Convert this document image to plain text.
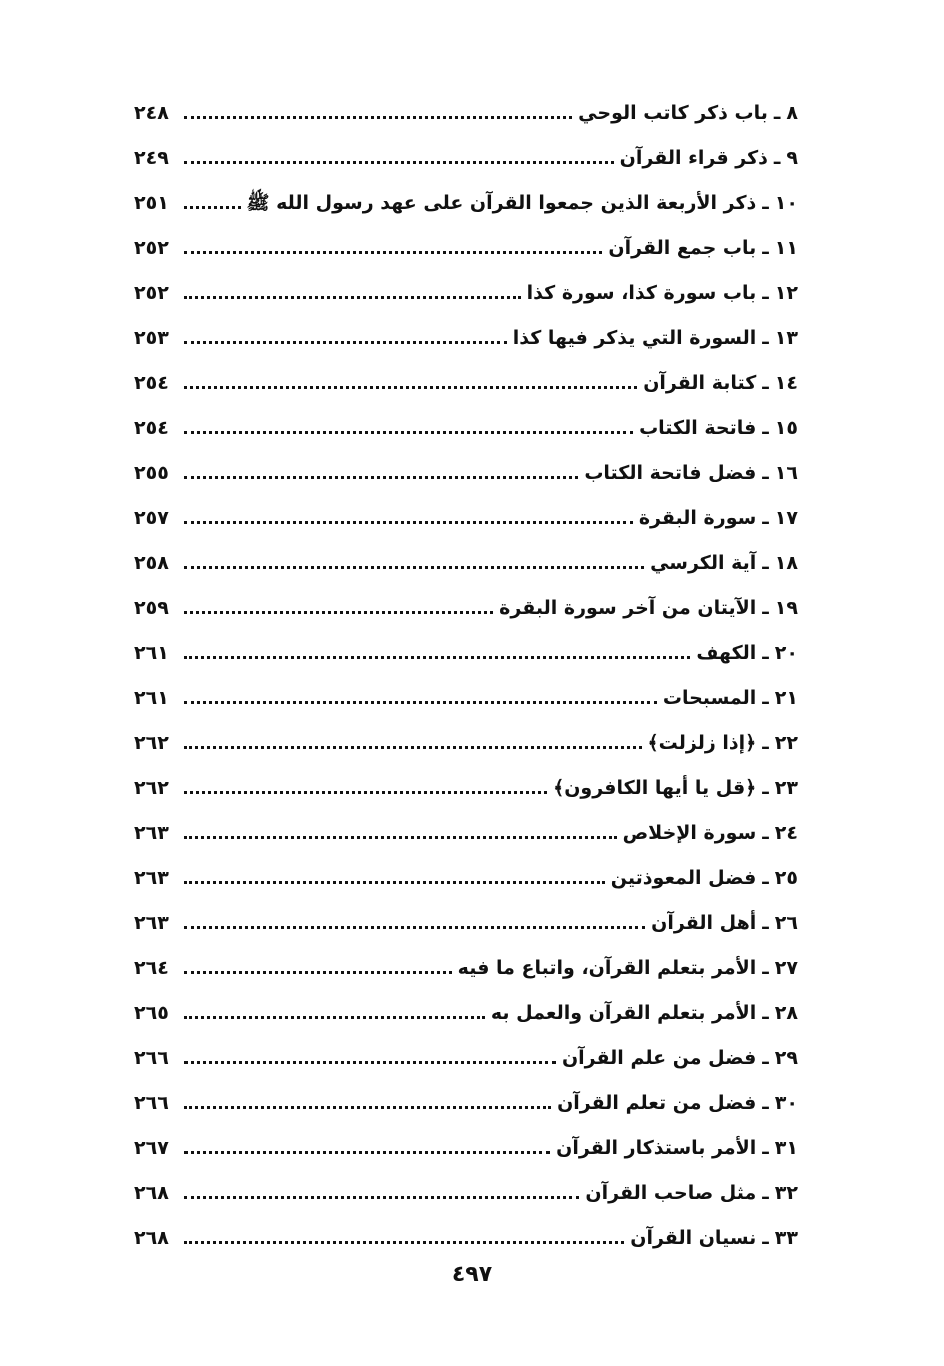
٨
ـ
باب ذكر كاتب الوحي
٢٤٨
٩
ـ
ذكر قراء القرآن
٢٤٩
١٠
ـ
ذكر الأربعة الذين جمعوا القرآن على عهد رسول الله ﷺ
٢٥١
١١
ـ
باب جمع القرآن
٢٥٢
١٢
ـ
باب سورة كذا، سورة كذا
٢٥٢
١٣
ـ
السورة التي يذكر فيها كذا
٢٥٣
١٤
ـ
كتابة القرآن
٢٥٤
١٥
ـ
فاتحة الكتاب
٢٥٤
١٦
ـ
فضل فاتحة الكتاب
٢٥٥
١٧
ـ
سورة البقرة
٢٥٧
١٨
ـ
آية الكرسي
٢٥٨
١٩
ـ
الآيتان من آخر سورة البقرة
٢٥٩
٢٠
ـ
الكهف
٢٦١
٢١
ـ
المسبحات
٢٦١
٢٢
ـ
﴿إذا زلزلت﴾
٢٦٢
٢٣
ـ
﴿قل يا أيها الكافرون﴾
٢٦٢
٢٤
ـ
سورة الإخلاص
٢٦٣
٢٥
ـ
فضل المعوذتين
٢٦٣
٢٦
ـ
أهل القرآن
٢٦٣
٢٧
ـ
الأمر بتعلم القرآن، واتباع ما فيه
٢٦٤
٢٨
ـ
الأمر بتعلم القرآن والعمل به
٢٦٥
٢٩
ـ
فضل من علم القرآن
٢٦٦
٣٠
ـ
فضل من تعلم القرآن
٢٦٦
٣١
ـ
الأمر باستذكار القرآن
٢٦٧
٣٢
ـ
مثل صاحب القرآن
٢٦٨
٣٣
ـ
نسيان القرآن
٢٦٨
٤٩٧
